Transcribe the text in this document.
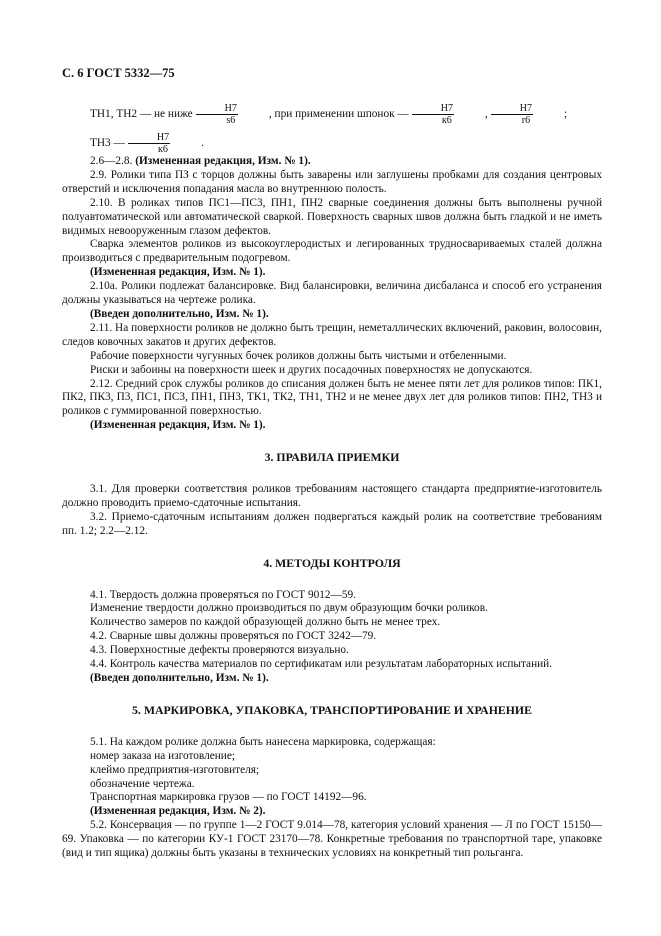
С. 6 ГОСТ 5332—75

ТН1, ТН2 — не ниже $\frac{Н7}{s6}$	, при применении шпонок — $\frac{Н7}{к6}$	, $\frac{Н7}{r6}$	;

ТН3 — $\frac{Н7}{к6}$	.

2.6—2.8. (Измененная редакция, Изм. № 1).

2.9. Ролики типа ПЗ с торцов должны быть заварены или заглушены пробками для создания центровых отверстий и исключения попадания масла во внутреннюю полость.

2.10. В роликах типов ПС1—ПС3, ПН1, ПН2 сварные соединения должны быть выполнены ручной полуавтоматической или автоматической сваркой. Поверхность сварных швов должна быть гладкой и не иметь видимых невооруженным глазом дефектов.

Сварка элементов роликов из высокоуглеродистых и легированных трудносвариваемых сталей должна производиться с предварительным подогревом.

(Измененная редакция, Изм. № 1).

2.10а. Ролики подлежат балансировке. Вид балансировки, величина дисбаланса и способ его устранения должны указываться на чертеже ролика.

(Введен дополнительно, Изм. № 1).

2.11. На поверхности роликов не должно быть трещин, неметаллических включений, раковин, волосовин, следов ковочных закатов и других дефектов.

Рабочие поверхности чугунных бочек роликов должны быть чистыми и отбеленными.

Риски и забоины на поверхности шеек и других посадочных поверхностях не допускаются.

2.12. Средний срок службы роликов до списания должен быть не менее пяти лет для роликов типов: ПК1, ПК2, ПК3, П3, ПС1, ПС3, ПН1, ПН3, ТК1, ТК2, ТН1, ТН2 и не менее двух лет для роликов типов: ПН2, ТН3 и роликов с гуммированной поверхностью.

(Измененная редакция, Изм. № 1).

3. ПРАВИЛА ПРИЕМКИ

3.1. Для проверки соответствия роликов требованиям настоящего стандарта предприятие-изготовитель должно проводить приемо-сдаточные испытания.

3.2. Приемо-сдаточным испытаниям должен подвергаться каждый ролик на соответствие требованиям пп. 1.2; 2.2—2.12.

4. МЕТОДЫ КОНТРОЛЯ

4.1. Твердость должна проверяться по ГОСТ 9012—59.

Изменение твердости должно производиться по двум образующим бочки роликов.

Количество замеров по каждой образующей должно быть не менее трех.

4.2. Сварные швы должны проверяться по ГОСТ 3242—79.

4.3. Поверхностные дефекты проверяются визуально.

4.4. Контроль качества материалов по сертификатам или результатам лабораторных испытаний.

(Введен дополнительно, Изм. № 1).

5. МАРКИРОВКА, УПАКОВКА, ТРАНСПОРТИРОВАНИЕ И ХРАНЕНИЕ

5.1. На каждом ролике должна быть нанесена маркировка, содержащая:

номер заказа на изготовление;

клеймо предприятия-изготовителя;

обозначение чертежа.

Транспортная маркировка грузов — по ГОСТ 14192—96.

(Измененная редакция, Изм. № 2).

5.2. Консервация — по группе 1—2 ГОСТ 9.014—78, категория условий хранения — Л по ГОСТ 15150—69. Упаковка — по категории КУ-1 ГОСТ 23170—78. Конкретные требования по транспортной таре, упаковке (вид и тип ящика) должны быть указаны в технических условиях на конкретный тип рольганга.
